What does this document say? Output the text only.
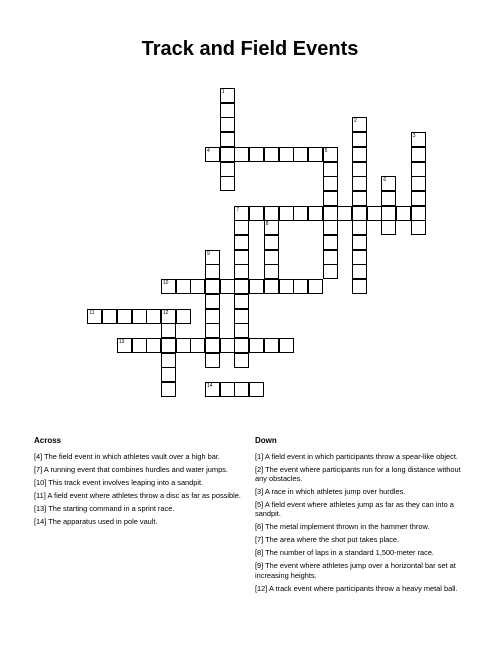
Track and Field Events
1
2
3
5
6
7
8
9
12
4
10
11
13
14
Across
[4] The field event in which athletes vault over a high bar.
[7] A running event that combines hurdles and water jumps.
[10] This track event involves leaping into a sandpit.
[11] A field event where athletes throw a disc as far as possible.
[13] The starting command in a sprint race.
[14] The apparatus used in pole vault.
Down
[1] A field event in which participants throw a spear-like object.
[2] The event where participants run for a long distance without any obstacles.
[3] A race in which athletes jump over hurdles.
[5] A field event where athletes jump as far as they can into a sandpit.
[6] The metal implement thrown in the hammer throw.
[7] The area where the shot put takes place.
[8] The number of laps in a standard 1,500-meter race.
[9] The event where athletes jump over a horizontal bar set at increasing heights.
[12] A track event where participants throw a heavy metal ball.
